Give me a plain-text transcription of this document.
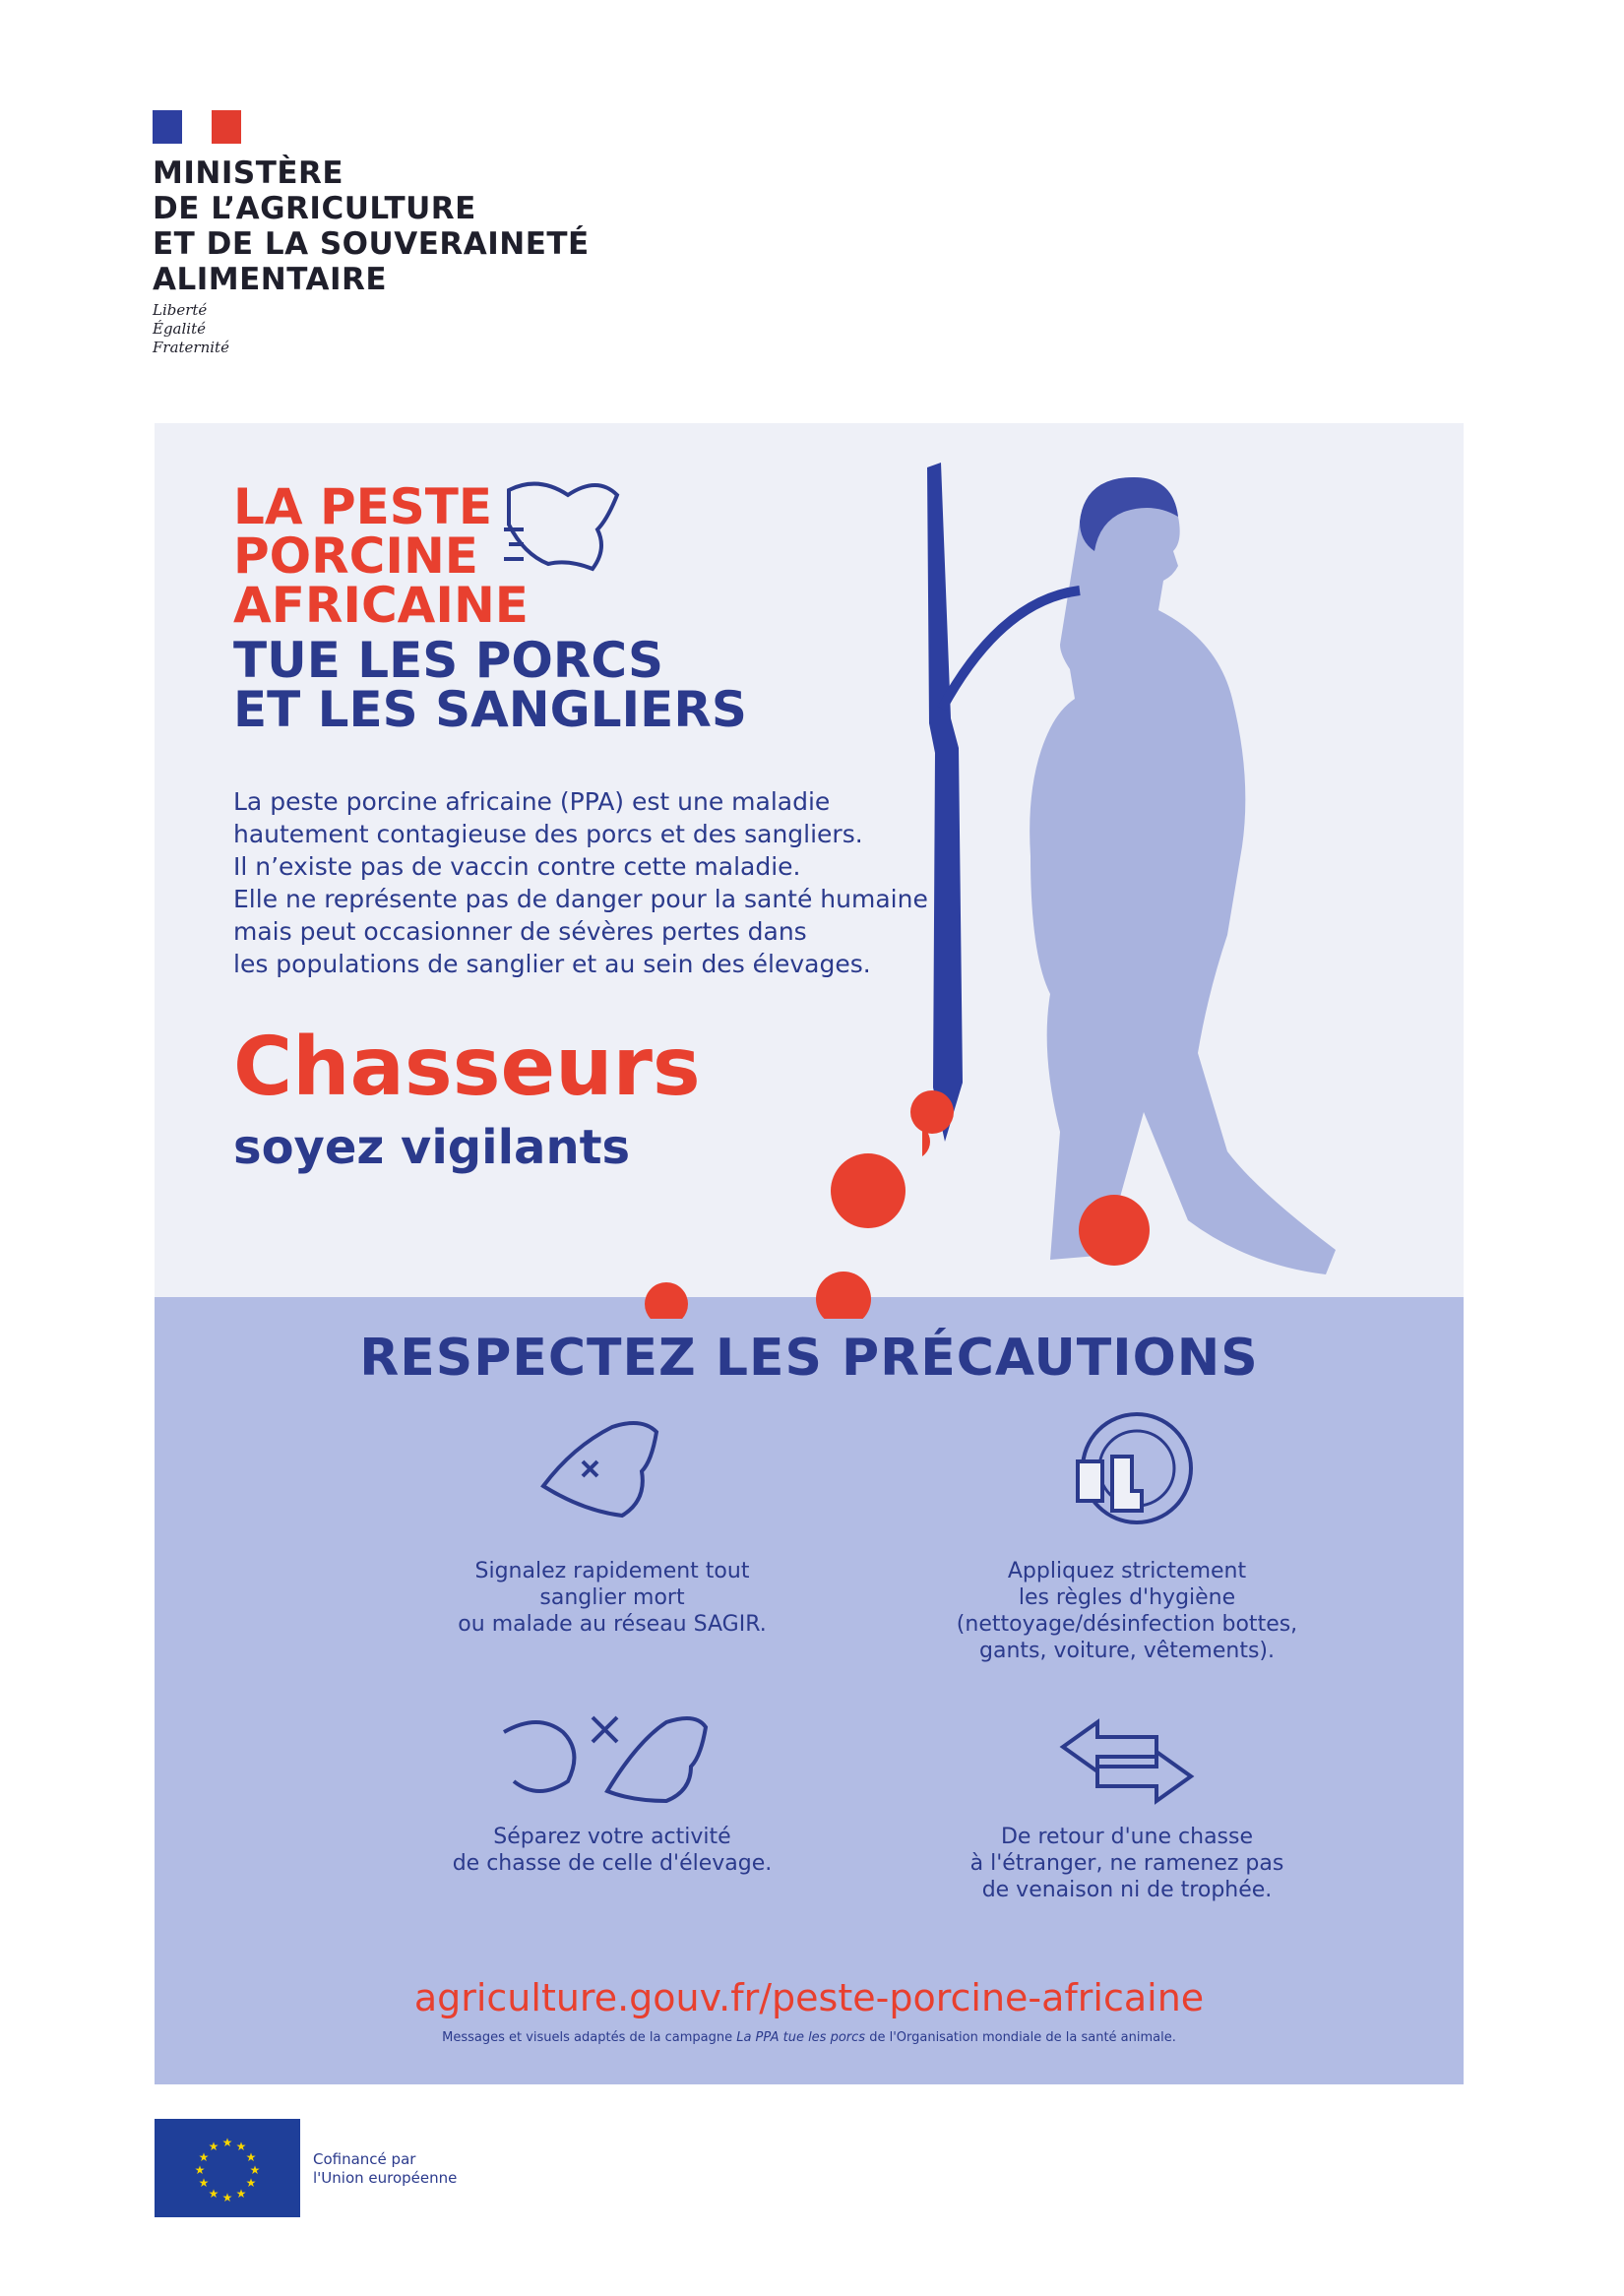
MINISTÈRE
DE L’AGRICULTURE
ET DE LA SOUVERAINETÉ
ALIMENTAIRE
Liberté
Égalité
Fraternité
LA PESTE
PORCINE
AFRICAINE
TUE LES PORCS
ET LES SANGLIERS
La peste porcine africaine (PPA) est une maladie
hautement contagieuse des porcs et des sangliers.
Il n’existe pas de vaccin contre cette maladie.
Elle ne représente pas de danger pour la santé humaine
mais peut occasionner de sévères pertes dans
les populations de sanglier et au sein des élevages.
Chasseurs
soyez vigilants
RESPECTEZ LES PRÉCAUTIONS
Signalez rapidement tout
sanglier mort
ou malade au réseau SAGIR.
Appliquez strictement
les règles d'hygiène
(nettoyage/désinfection bottes,
gants, voiture, vêtements).
Séparez votre activité
de chasse de celle d'élevage.
De retour d'une chasse
à l'étranger, ne ramenez pas
de venaison ni de trophée.
agriculture.gouv.fr/peste-porcine-africaine
Messages et visuels adaptés de la campagne La PPA tue les porcs de l'Organisation mondiale de la santé animale.
★ ★
★
★
★
★
★
★
★
★
★
★
Cofinancé par
l'Union européenne
